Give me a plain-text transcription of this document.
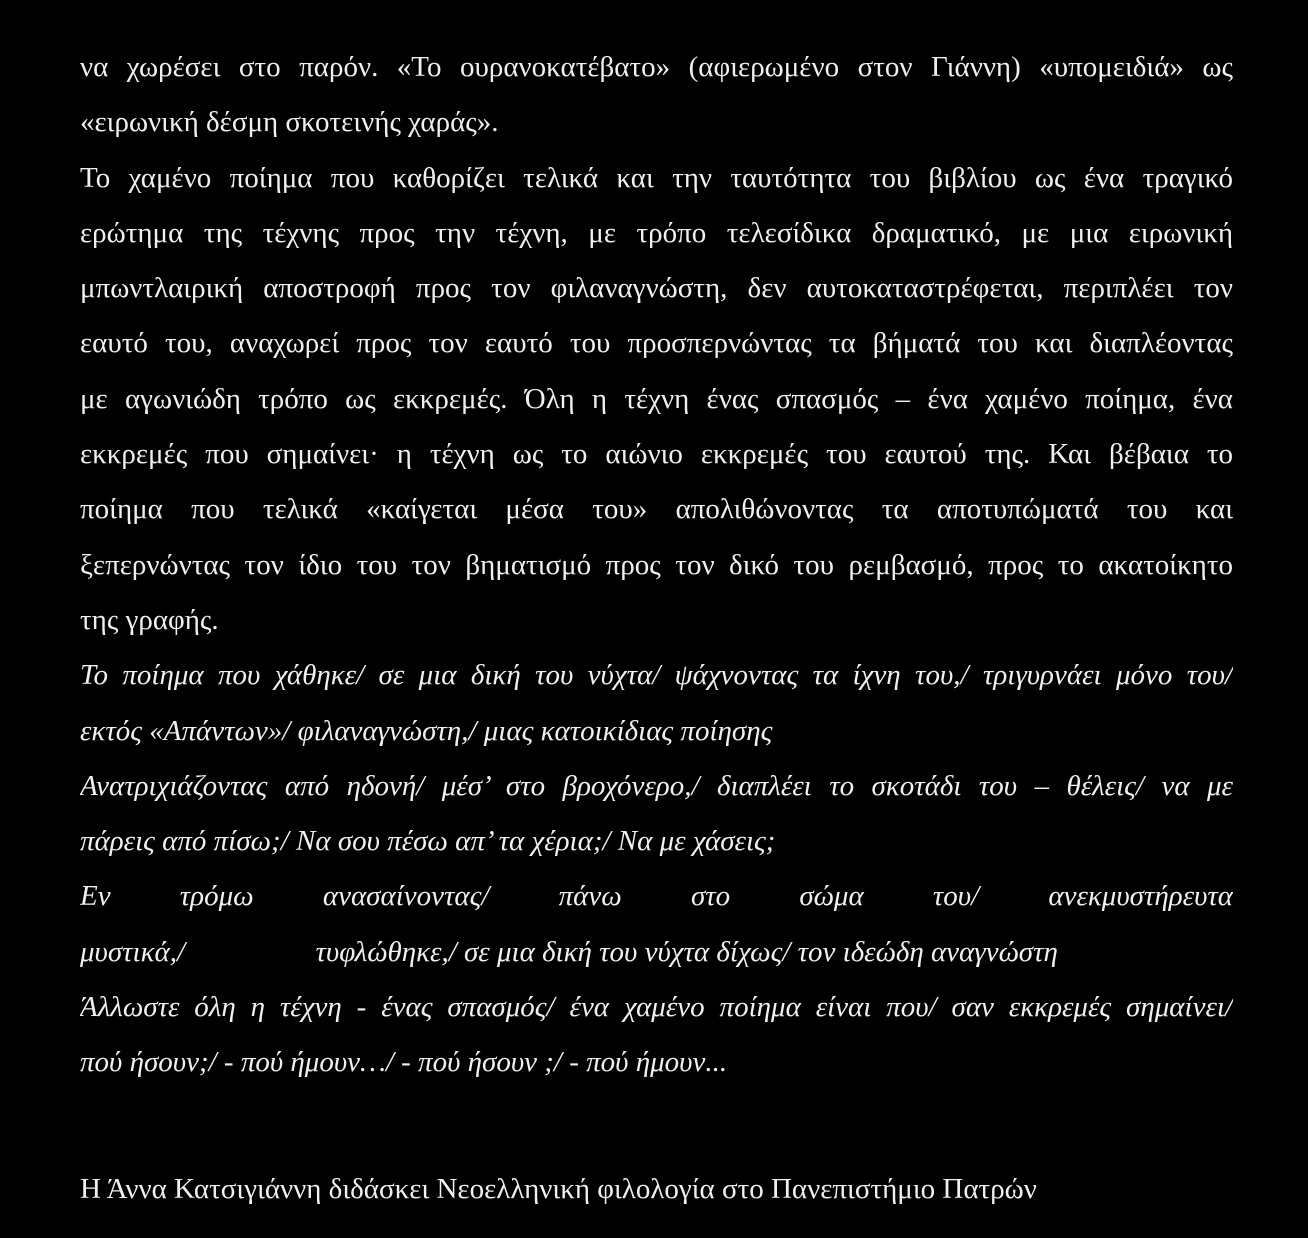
να χωρέσει στο παρόν. «Το ουρανοκατέβατο» (αφιερωμένο στον Γιάννη) «υπομειδιά» ως
«ειρωνική δέσμη σκοτεινής χαράς».
Το χαμένο ποίημα που καθορίζει τελικά και την ταυτότητα του βιβλίου ως ένα τραγικό
ερώτημα της τέχνης προς την τέχνη, με τρόπο τελεσίδικα δραματικό, με μια ειρωνική
μπωντλαιρική αποστροφή προς τον φιλαναγνώστη, δεν αυτοκαταστρέφεται, περιπλέει τον
εαυτό του, αναχωρεί προς τον εαυτό του προσπερνώντας τα βήματά του και διαπλέοντας
με αγωνιώδη τρόπο ως εκκρεμές. Όλη η τέχνη ένας σπασμός – ένα χαμένο ποίημα, ένα
εκκρεμές που σημαίνει· η τέχνη ως το αιώνιο εκκρεμές του εαυτού της. Και βέβαια το
ποίημα που τελικά «καίγεται μέσα του» απολιθώνοντας τα αποτυπώματά του και
ξεπερνώντας τον ίδιο του τον βηματισμό προς τον δικό του ρεμβασμό, προς το ακατοίκητο
της γραφής.
Το ποίημα που χάθηκε/ σε μια δική του νύχτα/ ψάχνοντας τα ίχνη του,/ τριγυρνάει μόνο του/
εκτός «Απάντων»/ φιλαναγνώστη,/ μιας κατοικίδιας ποίησης
Ανατριχιάζοντας από ηδονή/ μέσ’ στο βροχόνερο,/ διαπλέει το σκοτάδι του – θέλεις/ να με
πάρεις από πίσω;/ Να σου πέσω απ’ τα χέρια;/ Να με χάσεις;
Εν τρόμω ανασαίνοντας/ πάνω στο σώμα του/ ανεκμυστήρευτα
μυστικά,/                  τυφλώθηκε,/ σε μια δική του νύχτα δίχως/ τον ιδεώδη αναγνώστη
Άλλωστε όλη η τέχνη - ένας σπασμός/ ένα χαμένο ποίημα είναι που/ σαν εκκρεμές σημαίνει/
πού ήσουν;/ - πού ήμουν…/ - πού ήσουν ;/ - πού ήμουν...
Η Άννα Κατσιγιάννη διδάσκει Νεοελληνική φιλολογία στο Πανεπιστήμιο Πατρών
